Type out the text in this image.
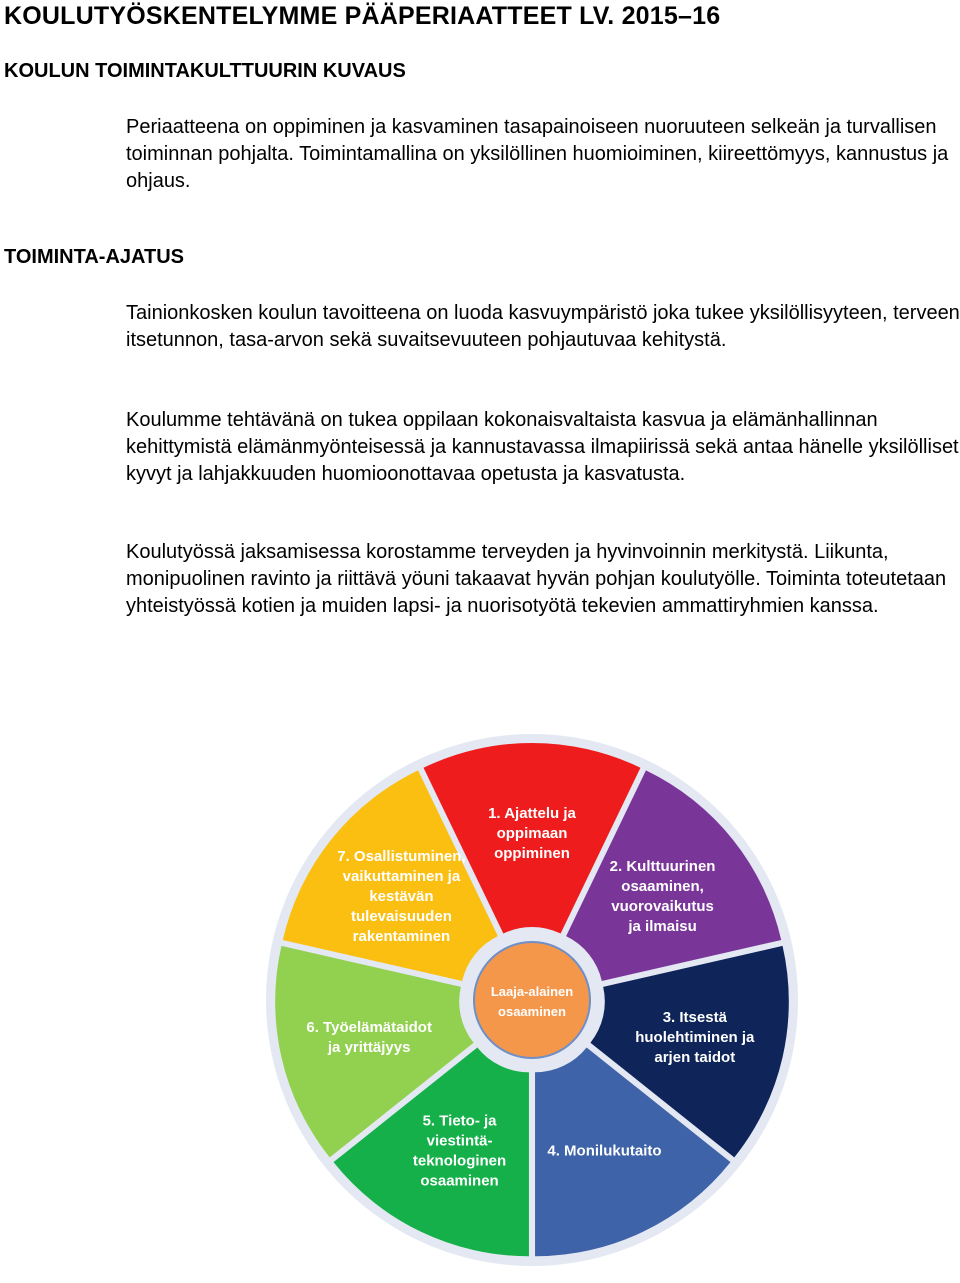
KOULUTYÖSKENTELYMME PÄÄPERIAATTEET LV. 2015–16
KOULUN TOIMINTAKULTTUURIN KUVAUS

Periaatteena on oppiminen ja kasvaminen tasapainoiseen nuoruuteen selkeän ja turvallisen toiminnan pohjalta. Toimintamallina on yksilöllinen huomioiminen, kiireettömyys, kannustus ja ohjaus.

TOIMINTA-AJATUS

Tainionkosken koulun tavoitteena on luoda kasvuympäristö joka tukee yksilöllisyyteen, terveen itsetunnon, tasa-arvon sekä suvaitsevuuteen pohjautuvaa kehitystä.

Koulumme tehtävänä on tukea oppilaan kokonaisvaltaista kasvua ja elämänhallinnan kehittymistä elämänmyönteisessä ja kannustavassa ilmapiirissä sekä antaa hänelle yksilölliset kyvyt ja lahjakkuuden huomioonottavaa opetusta ja kasvatusta.

Koulutyössä jaksamisessa korostamme terveyden ja hyvinvoinnin merkitystä. Liikunta, monipuolinen ravinto ja riittävä yöuni takaavat hyvän pohjan koulutyölle. Toiminta toteutetaan yhteistyössä kotien ja muiden lapsi- ja nuorisotyötä tekevien ammattiryhmien kanssa.

1. Ajattelu ja oppimaan oppiminen
2. Kulttuurinen osaaminen, vuorovaikutus ja ilmaisu
3. Itsestä huolehtiminen ja arjen taidot
4. Monilukutaito
5. Tieto- ja viestintä-teknologinen osaaminen
6. Työelämätaidot ja yrittäjyys
7. Osallistuminen, vaikuttaminen ja kestävän tulevaisuuden rakentaminen
Laaja-alainen osaaminen
